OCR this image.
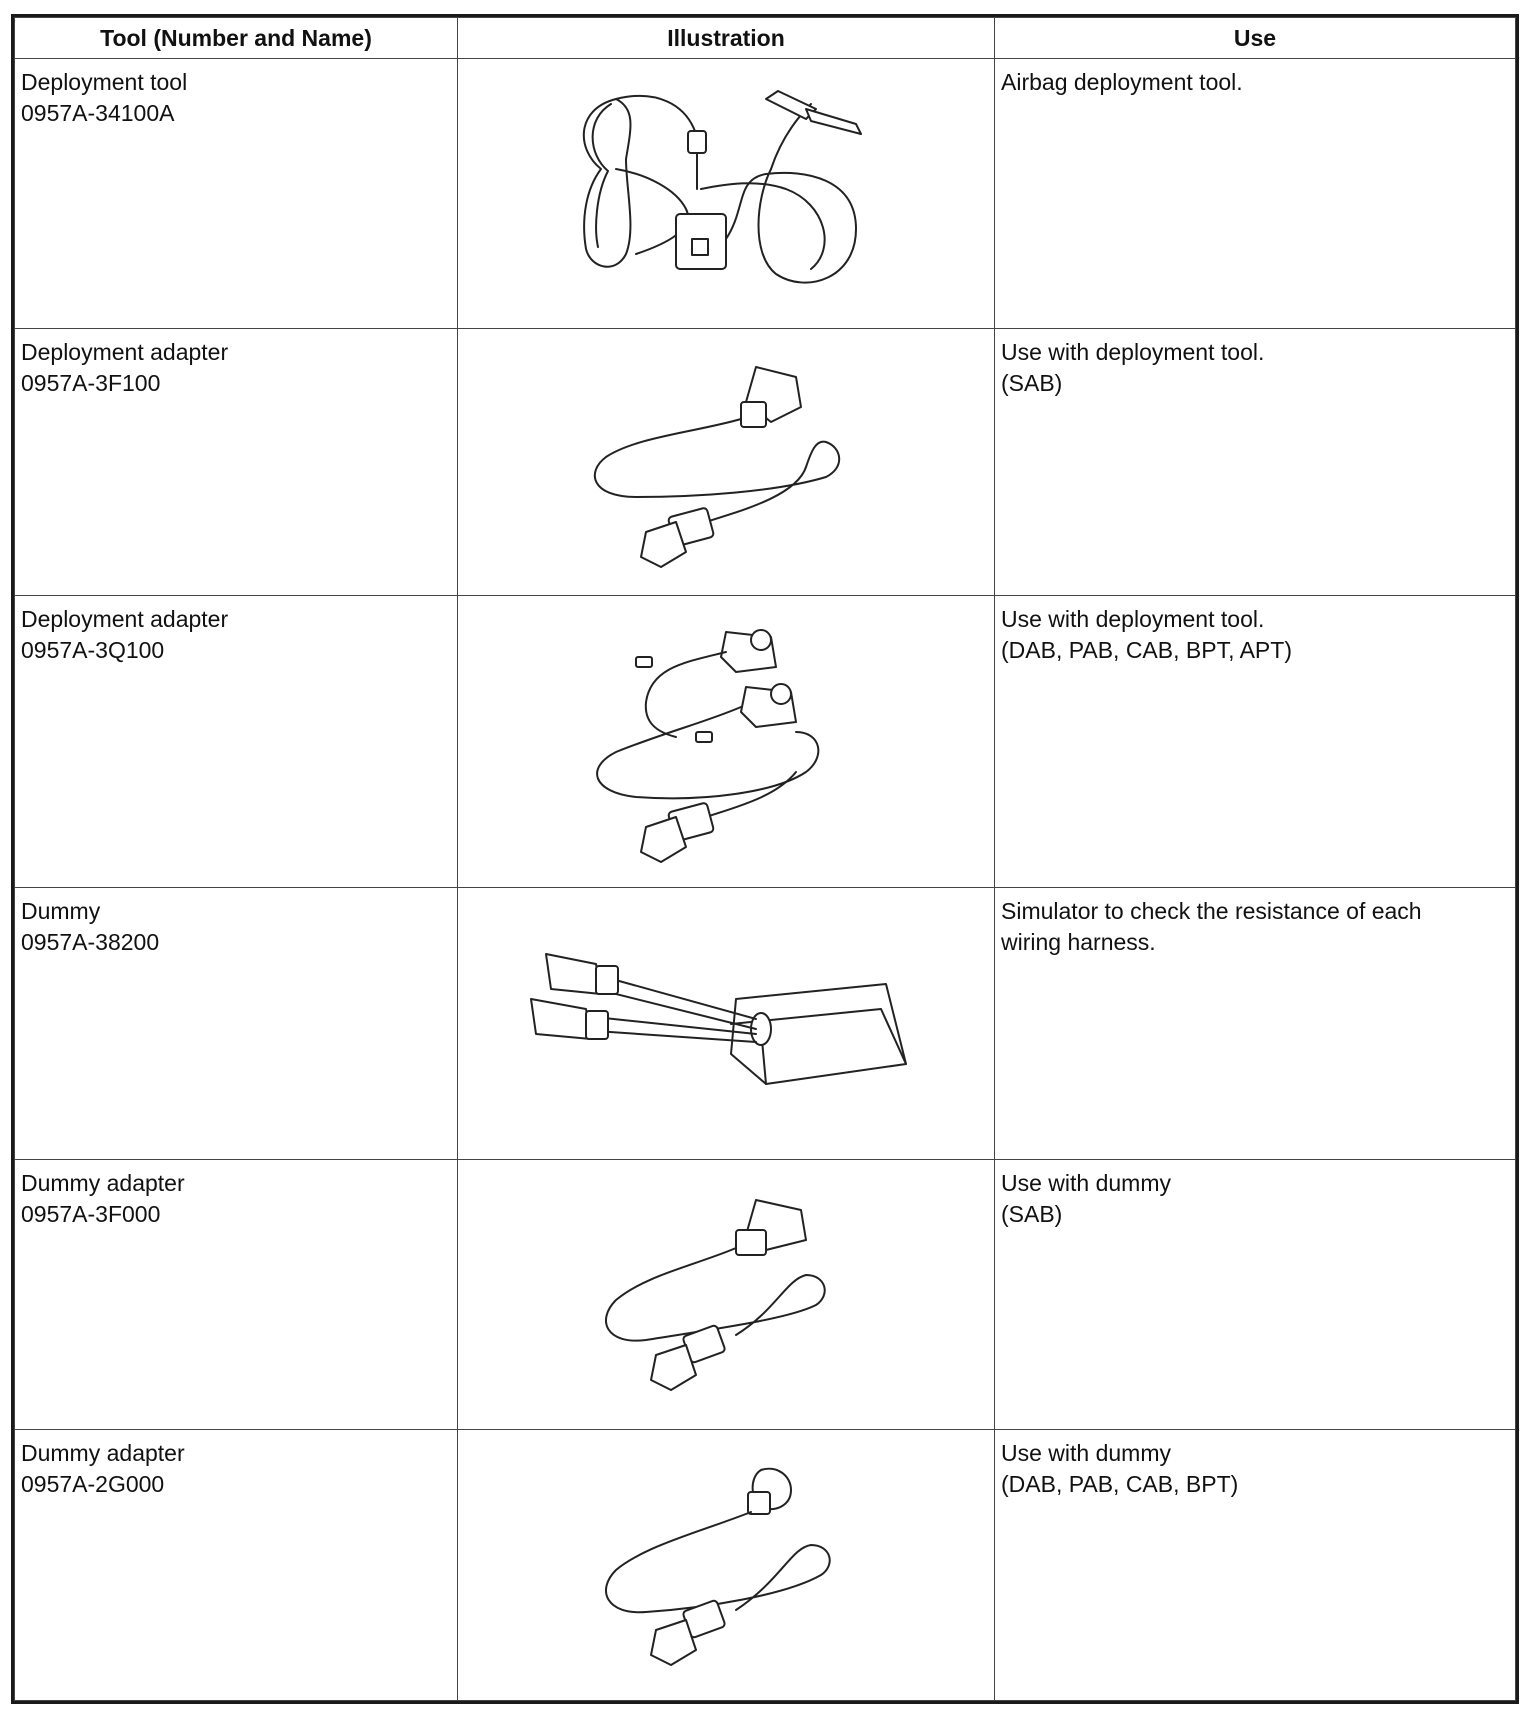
Tool (Number and Name)	Illustration	Use

Deployment tool
0957A-34100A		Airbag deployment tool.

Deployment adapter
0957A-3F100		Use with deployment tool.
(SAB)

Deployment adapter
0957A-3Q100		Use with deployment tool.
(DAB, PAB, CAB, BPT, APT)

Dummy
0957A-38200		Simulator to check the resistance of each
wiring harness.

Dummy adapter
0957A-3F000		Use with dummy
(SAB)

Dummy adapter
0957A-2G000		Use with dummy
(DAB, PAB, CAB, BPT)
